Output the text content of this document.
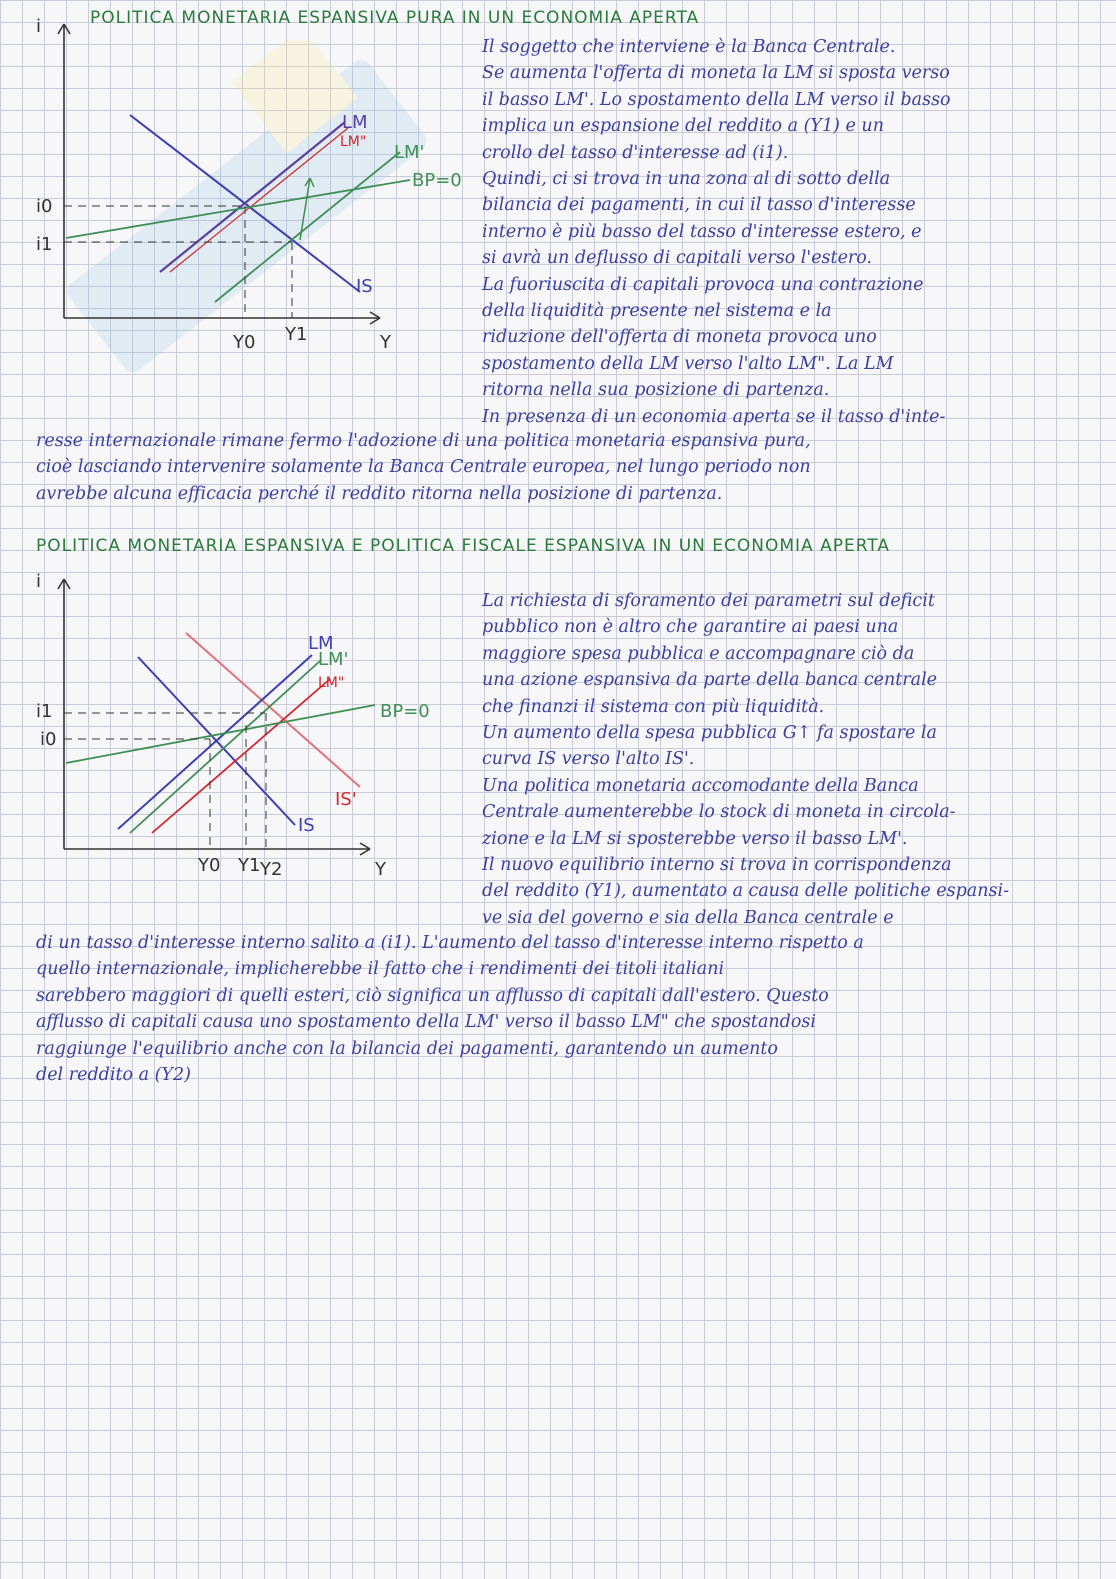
POLITICA MONETARIA ESPANSIVA PURA IN UN ECONOMIA APERTA
i
Y
i0
i1
Y0 Y1
LM
LM" LM'
BP=0
IS
Il soggetto che interviene è la Banca Centrale.
Se aumenta l'offerta di moneta la LM si sposta verso
il basso LM'. Lo spostamento della LM verso il basso
implica un espansione del reddito a (Y1) e un
crollo del tasso d'interesse ad (i1).
Quindi, ci si trova in una zona al di sotto della
bilancia dei pagamenti, in cui il tasso d'interesse
interno è più basso del tasso d'interesse estero, e
si avrà un deflusso di capitali verso l'estero.
La fuoriuscita di capitali provoca una contrazione
della liquidità presente nel sistema e la
riduzione dell'offerta di moneta provoca uno
spostamento della LM verso l'alto LM". La LM
ritorna nella sua posizione di partenza.
In presenza di un economia aperta se il tasso d'inte-
resse internazionale rimane fermo l'adozione di una politica monetaria espansiva pura,
cioè lasciando intervenire solamente la Banca Centrale europea, nel lungo periodo non
avrebbe alcuna efficacia perché il reddito ritorna nella posizione di partenza.
POLITICA MONETARIA ESPANSIVA E POLITICA FISCALE ESPANSIVA IN UN ECONOMIA APERTA
i
Y
i1
i0
Y0 Y1 Y2
LM
LM'
LM"
BP=0
IS'
IS
La richiesta di sforamento dei parametri sul deficit
pubblico non è altro che garantire ai paesi una
maggiore spesa pubblica e accompagnare ciò da
una azione espansiva da parte della banca centrale
che finanzi il sistema con più liquidità.
Un aumento della spesa pubblica G↑ fa spostare la
curva IS verso l'alto IS'.
Una politica monetaria accomodante della Banca
Centrale aumenterebbe lo stock di moneta in circola-
zione e la LM si sposterebbe verso il basso LM'.
Il nuovo equilibrio interno si trova in corrispondenza
del reddito (Y1), aumentato a causa delle politiche espansi-
ve sia del governo e sia della Banca centrale e
di un tasso d'interesse interno salito a (i1). L'aumento del tasso d'interesse interno rispetto a
quello internazionale, implicherebbe il fatto che i rendimenti dei titoli italiani
sarebbero maggiori di quelli esteri, ciò significa un afflusso di capitali dall'estero. Questo
afflusso di capitali causa uno spostamento della LM' verso il basso LM" che spostandosi
raggiunge l'equilibrio anche con la bilancia dei pagamenti, garantendo un aumento
del reddito a (Y2)
